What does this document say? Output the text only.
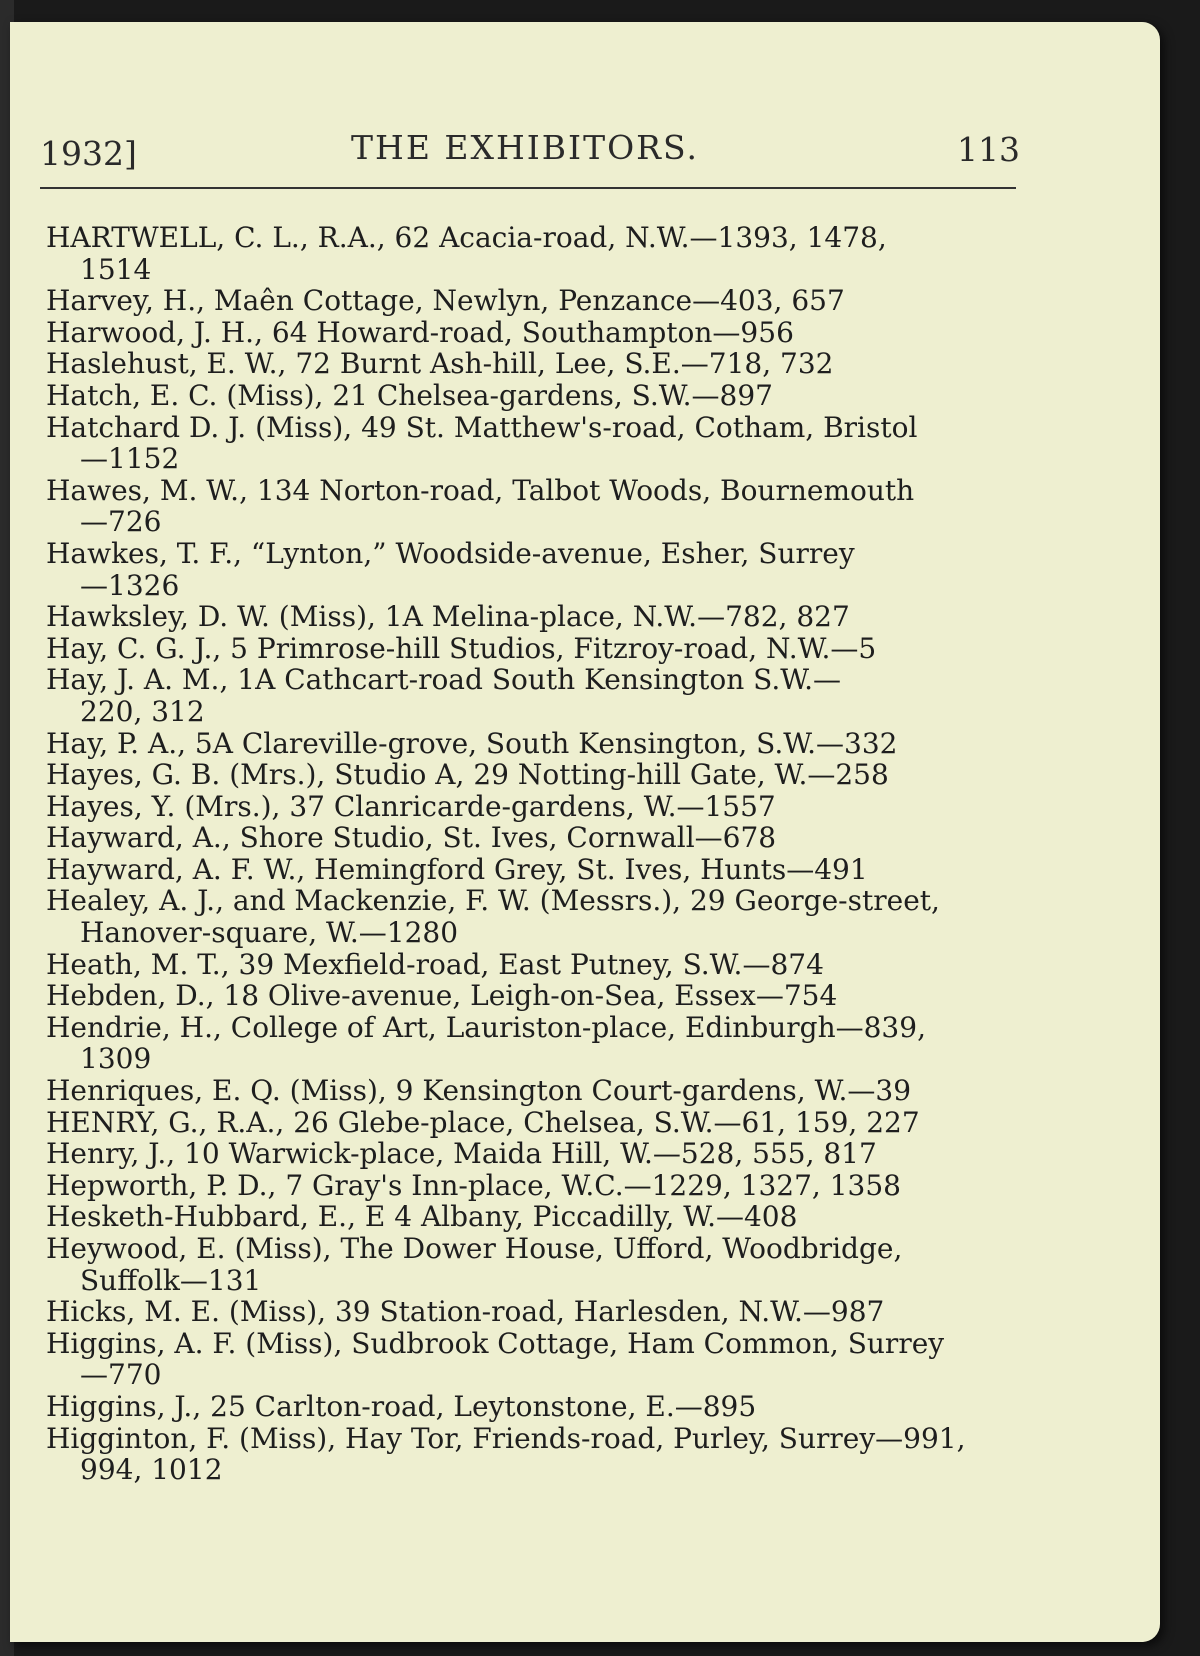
1932]	THE EXHIBITORS.	113
HARTWELL, C. L., R.A., 62 Acacia-road, N.W.—1393, 1478,
1514
Harvey, H., Maên Cottage, Newlyn, Penzance—403, 657
Harwood, J. H., 64 Howard-road, Southampton—956
Haslehust, E. W., 72 Burnt Ash-hill, Lee, S.E.—718, 732
Hatch, E. C. (Miss), 21 Chelsea-gardens, S.W.—897
Hatchard D. J. (Miss), 49 St. Matthew's-road, Cotham, Bristol
—1152
Hawes, M. W., 134 Norton-road, Talbot Woods, Bournemouth
—726
Hawkes, T. F., “Lynton,” Woodside-avenue, Esher, Surrey
—1326
Hawksley, D. W. (Miss), 1A Melina-place, N.W.—782, 827
Hay, C. G. J., 5 Primrose-hill Studios, Fitzroy-road, N.W.—5
Hay, J. A. M., 1A Cathcart-road South Kensington S.W.—
220, 312
Hay, P. A., 5A Clareville-grove, South Kensington, S.W.—332
Hayes, G. B. (Mrs.), Studio A, 29 Notting-hill Gate, W.—258
Hayes, Y. (Mrs.), 37 Clanricarde-gardens, W.—1557
Hayward, A., Shore Studio, St. Ives, Cornwall—678
Hayward, A. F. W., Hemingford Grey, St. Ives, Hunts—491
Healey, A. J., and Mackenzie, F. W. (Messrs.), 29 George-street,
Hanover-square, W.—1280
Heath, M. T., 39 Mexfield-road, East Putney, S.W.—874
Hebden, D., 18 Olive-avenue, Leigh-on-Sea, Essex—754
Hendrie, H., College of Art, Lauriston-place, Edinburgh—839,
1309
Henriques, E. Q. (Miss), 9 Kensington Court-gardens, W.—39
HENRY, G., R.A., 26 Glebe-place, Chelsea, S.W.—61, 159, 227
Henry, J., 10 Warwick-place, Maida Hill, W.—528, 555, 817
Hepworth, P. D., 7 Gray's Inn-place, W.C.—1229, 1327, 1358
Hesketh-Hubbard, E., E 4 Albany, Piccadilly, W.—408
Heywood, E. (Miss), The Dower House, Ufford, Woodbridge,
Suffolk—131
Hicks, M. E. (Miss), 39 Station-road, Harlesden, N.W.—987
Higgins, A. F. (Miss), Sudbrook Cottage, Ham Common, Surrey
—770
Higgins, J., 25 Carlton-road, Leytonstone, E.—895
Higginton, F. (Miss), Hay Tor, Friends-road, Purley, Surrey—991,
994, 1012
